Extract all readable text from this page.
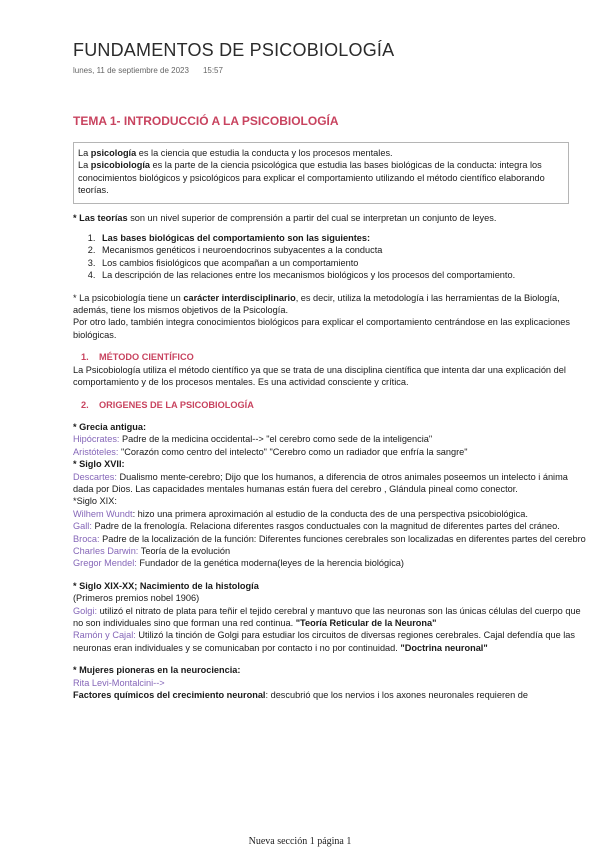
FUNDAMENTOS DE PSICOBIOLOGÍA
lunes, 11 de septiembre de 2023 15:57
TEMA 1- INTRODUCCIÓ A LA PSICOBIOLOGÍA

La psicología es la ciencia que estudia la conducta y los procesos mentales.

La psicobiología es la parte de la ciencia psicológica que estudia las bases biológicas de la conducta: integra los conocimientos biológicos y psicológicos para explicar el comportamiento utilizando el método científico elaborando teorías.

* Las teorías son un nivel superior de comprensión a partir del cual se interpretan un conjunto de leyes.

1. Las bases biológicas del comportamiento son las siguientes:
2. Mecanismos genéticos i neuroendocrinos subyacentes a la conducta
3. Los cambios fisiológicos que acompañan a un comportamiento
4. La descripción de las relaciones entre los mecanismos biológicos y los procesos del comportamiento.

* La psicobiología tiene un carácter interdisciplinario, es decir, utiliza la metodología i las herramientas de la Biología, además, tiene los mismos objetivos de la Psicología.

Por otro lado, también integra conocimientos biológicos para explicar el comportamiento centrándose en las explicaciones biológicas.

1. MÉTODO CIENTÍFICO

La Psicobiología utiliza el método científico ya que se trata de una disciplina científica que intenta dar una explicación del comportamiento y de los procesos mentales. Es una actividad consciente y crítica.

2. ORIGENES DE LA PSICOBIOLOGÍA

* Grecia antigua:

Hipócrates: Padre de la medicina occidental--> "el cerebro como sede de la inteligencia"

Aristóteles: "Corazón como centro del intelecto" "Cerebro como un radiador que enfría la sangre"

* Siglo XVII:

Descartes: Dualismo mente-cerebro; Dijo que los humanos, a diferencia de otros animales poseemos un intelecto i ánima dada por Dios. Las capacidades mentales humanas están fuera del cerebro , Glándula pineal como conector.

*Siglo XIX:

Wilhem Wundt: hizo una primera aproximación al estudio de la conducta des de una perspectiva psicobiológica.

Gall: Padre de la frenología. Relaciona diferentes rasgos conductuales con la magnitud de diferentes partes del cráneo.

Broca: Padre de la localización de la función: Diferentes funciones cerebrales son localizadas en diferentes partes del cerebro

Charles Darwin: Teoría de la evolución

Gregor Mendel: Fundador de la genética moderna(leyes de la herencia biológica)

* Siglo XIX-XX; Nacimiento de la histología

(Primeros premios nobel 1906)

Golgi: utilizó el nitrato de plata para teñir el tejido cerebral y mantuvo que las neuronas son las únicas células del cuerpo que no son individuales sino que forman una red continua. "Teoría Reticular de la Neurona"

Ramón y Cajal: Utilizó la tinción de Golgi para estudiar los circuitos de diversas regiones cerebrales. Cajal defendía que las neuronas eran individuales y se comunicaban por contacto i no por continuidad. "Doctrina neuronal"

* Mujeres pioneras en la neurociencia:

Rita Levi-Montalcini-->

Factores químicos del crecimiento neuronal: descubrió que los nervios i los axones neuronales requieren de

Nueva sección 1 página 1
